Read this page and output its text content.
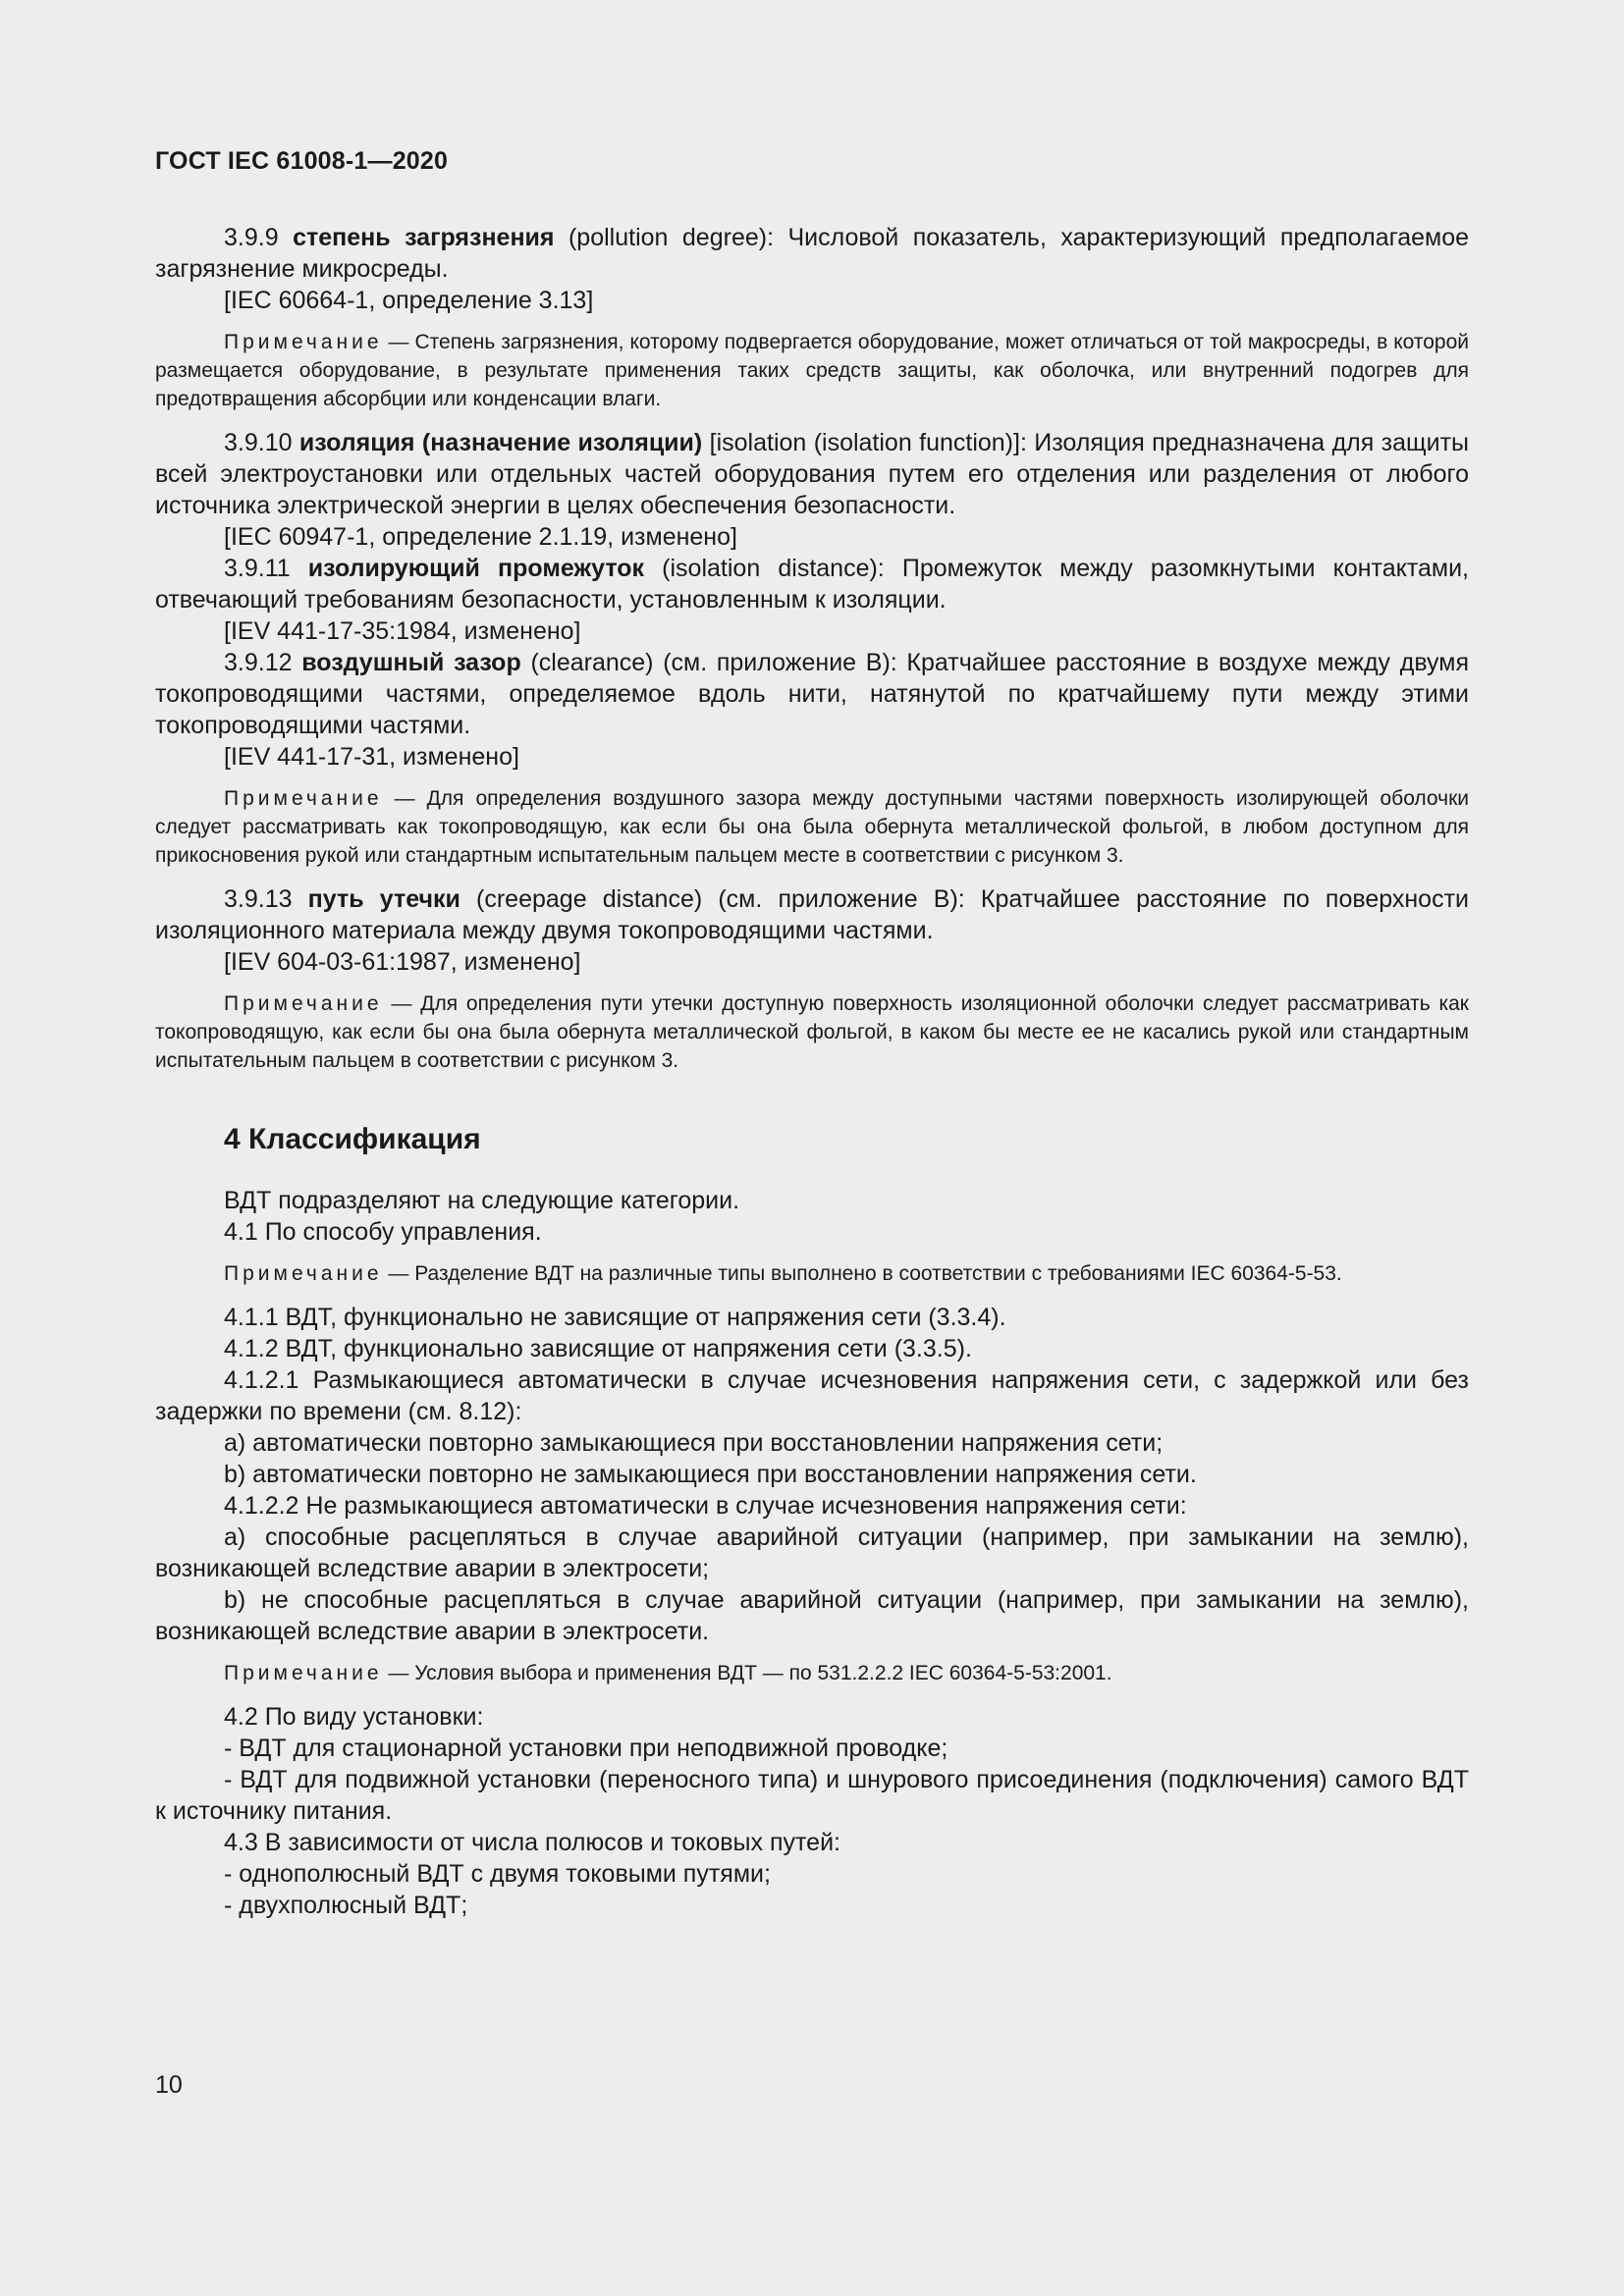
ГОСТ IEC 61008-1—2020

3.9.9 степень загрязнения (pollution degree): Числовой показатель, характеризующий предполагаемое загрязнение микросреды.

[IEC 60664-1, определение 3.13]

Примечание — Степень загрязнения, которому подвергается оборудование, может отличаться от той макросреды, в которой размещается оборудование, в результате применения таких средств защиты, как оболочка, или внутренний подогрев для предотвращения абсорбции или конденсации влаги.

3.9.10 изоляция (назначение изоляции) [isolation (isolation function)]: Изоляция предназначена для защиты всей электроустановки или отдельных частей оборудования путем его отделения или разделения от любого источника электрической энергии в целях обеспечения безопасности.

[IEC 60947-1, определение 2.1.19, изменено]

3.9.11 изолирующий промежуток (isolation distance): Промежуток между разомкнутыми контактами, отвечающий требованиям безопасности, установленным к изоляции.

[IEV 441-17-35:1984, изменено]

3.9.12 воздушный зазор (clearance) (см. приложение B): Кратчайшее расстояние в воздухе между двумя токопроводящими частями, определяемое вдоль нити, натянутой по кратчайшему пути между этими токопроводящими частями.

[IEV 441-17-31, изменено]

Примечание — Для определения воздушного зазора между доступными частями поверхность изолирующей оболочки следует рассматривать как токопроводящую, как если бы она была обернута металлической фольгой, в любом доступном для прикосновения рукой или стандартным испытательным пальцем месте в соответствии с рисунком 3.

3.9.13 путь утечки (creepage distance) (см. приложение B): Кратчайшее расстояние по поверхности изоляционного материала между двумя токопроводящими частями.

[IEV 604-03-61:1987, изменено]

Примечание — Для определения пути утечки доступную поверхность изоляционной оболочки следует рассматривать как токопроводящую, как если бы она была обернута металлической фольгой, в каком бы месте ее не касались рукой или стандартным испытательным пальцем в соответствии с рисунком 3.

4 Классификация

ВДТ подразделяют на следующие категории.

4.1 По способу управления.

Примечание — Разделение ВДТ на различные типы выполнено в соответствии с требованиями IEC 60364-5-53.

4.1.1 ВДТ, функционально не зависящие от напряжения сети (3.3.4).

4.1.2 ВДТ, функционально зависящие от напряжения сети (3.3.5).

4.1.2.1 Размыкающиеся автоматически в случае исчезновения напряжения сети, с задержкой или без задержки по времени (см. 8.12):

а) автоматически повторно замыкающиеся при восстановлении напряжения сети;

b) автоматически повторно не замыкающиеся при восстановлении напряжения сети.

4.1.2.2 Не размыкающиеся автоматически в случае исчезновения напряжения сети:

а) способные расцепляться в случае аварийной ситуации (например, при замыкании на землю), возникающей вследствие аварии в электросети;

b) не способные расцепляться в случае аварийной ситуации (например, при замыкании на землю), возникающей вследствие аварии в электросети.

Примечание — Условия выбора и применения ВДТ — по 531.2.2.2 IEC 60364-5-53:2001.

4.2 По виду установки:

- ВДТ для стационарной установки при неподвижной проводке;

- ВДТ для подвижной установки (переносного типа) и шнурового присоединения (подключения) самого ВДТ к источнику питания.

4.3 В зависимости от числа полюсов и токовых путей:

- однополюсный ВДТ с двумя токовыми путями;

- двухполюсный ВДТ;

10
